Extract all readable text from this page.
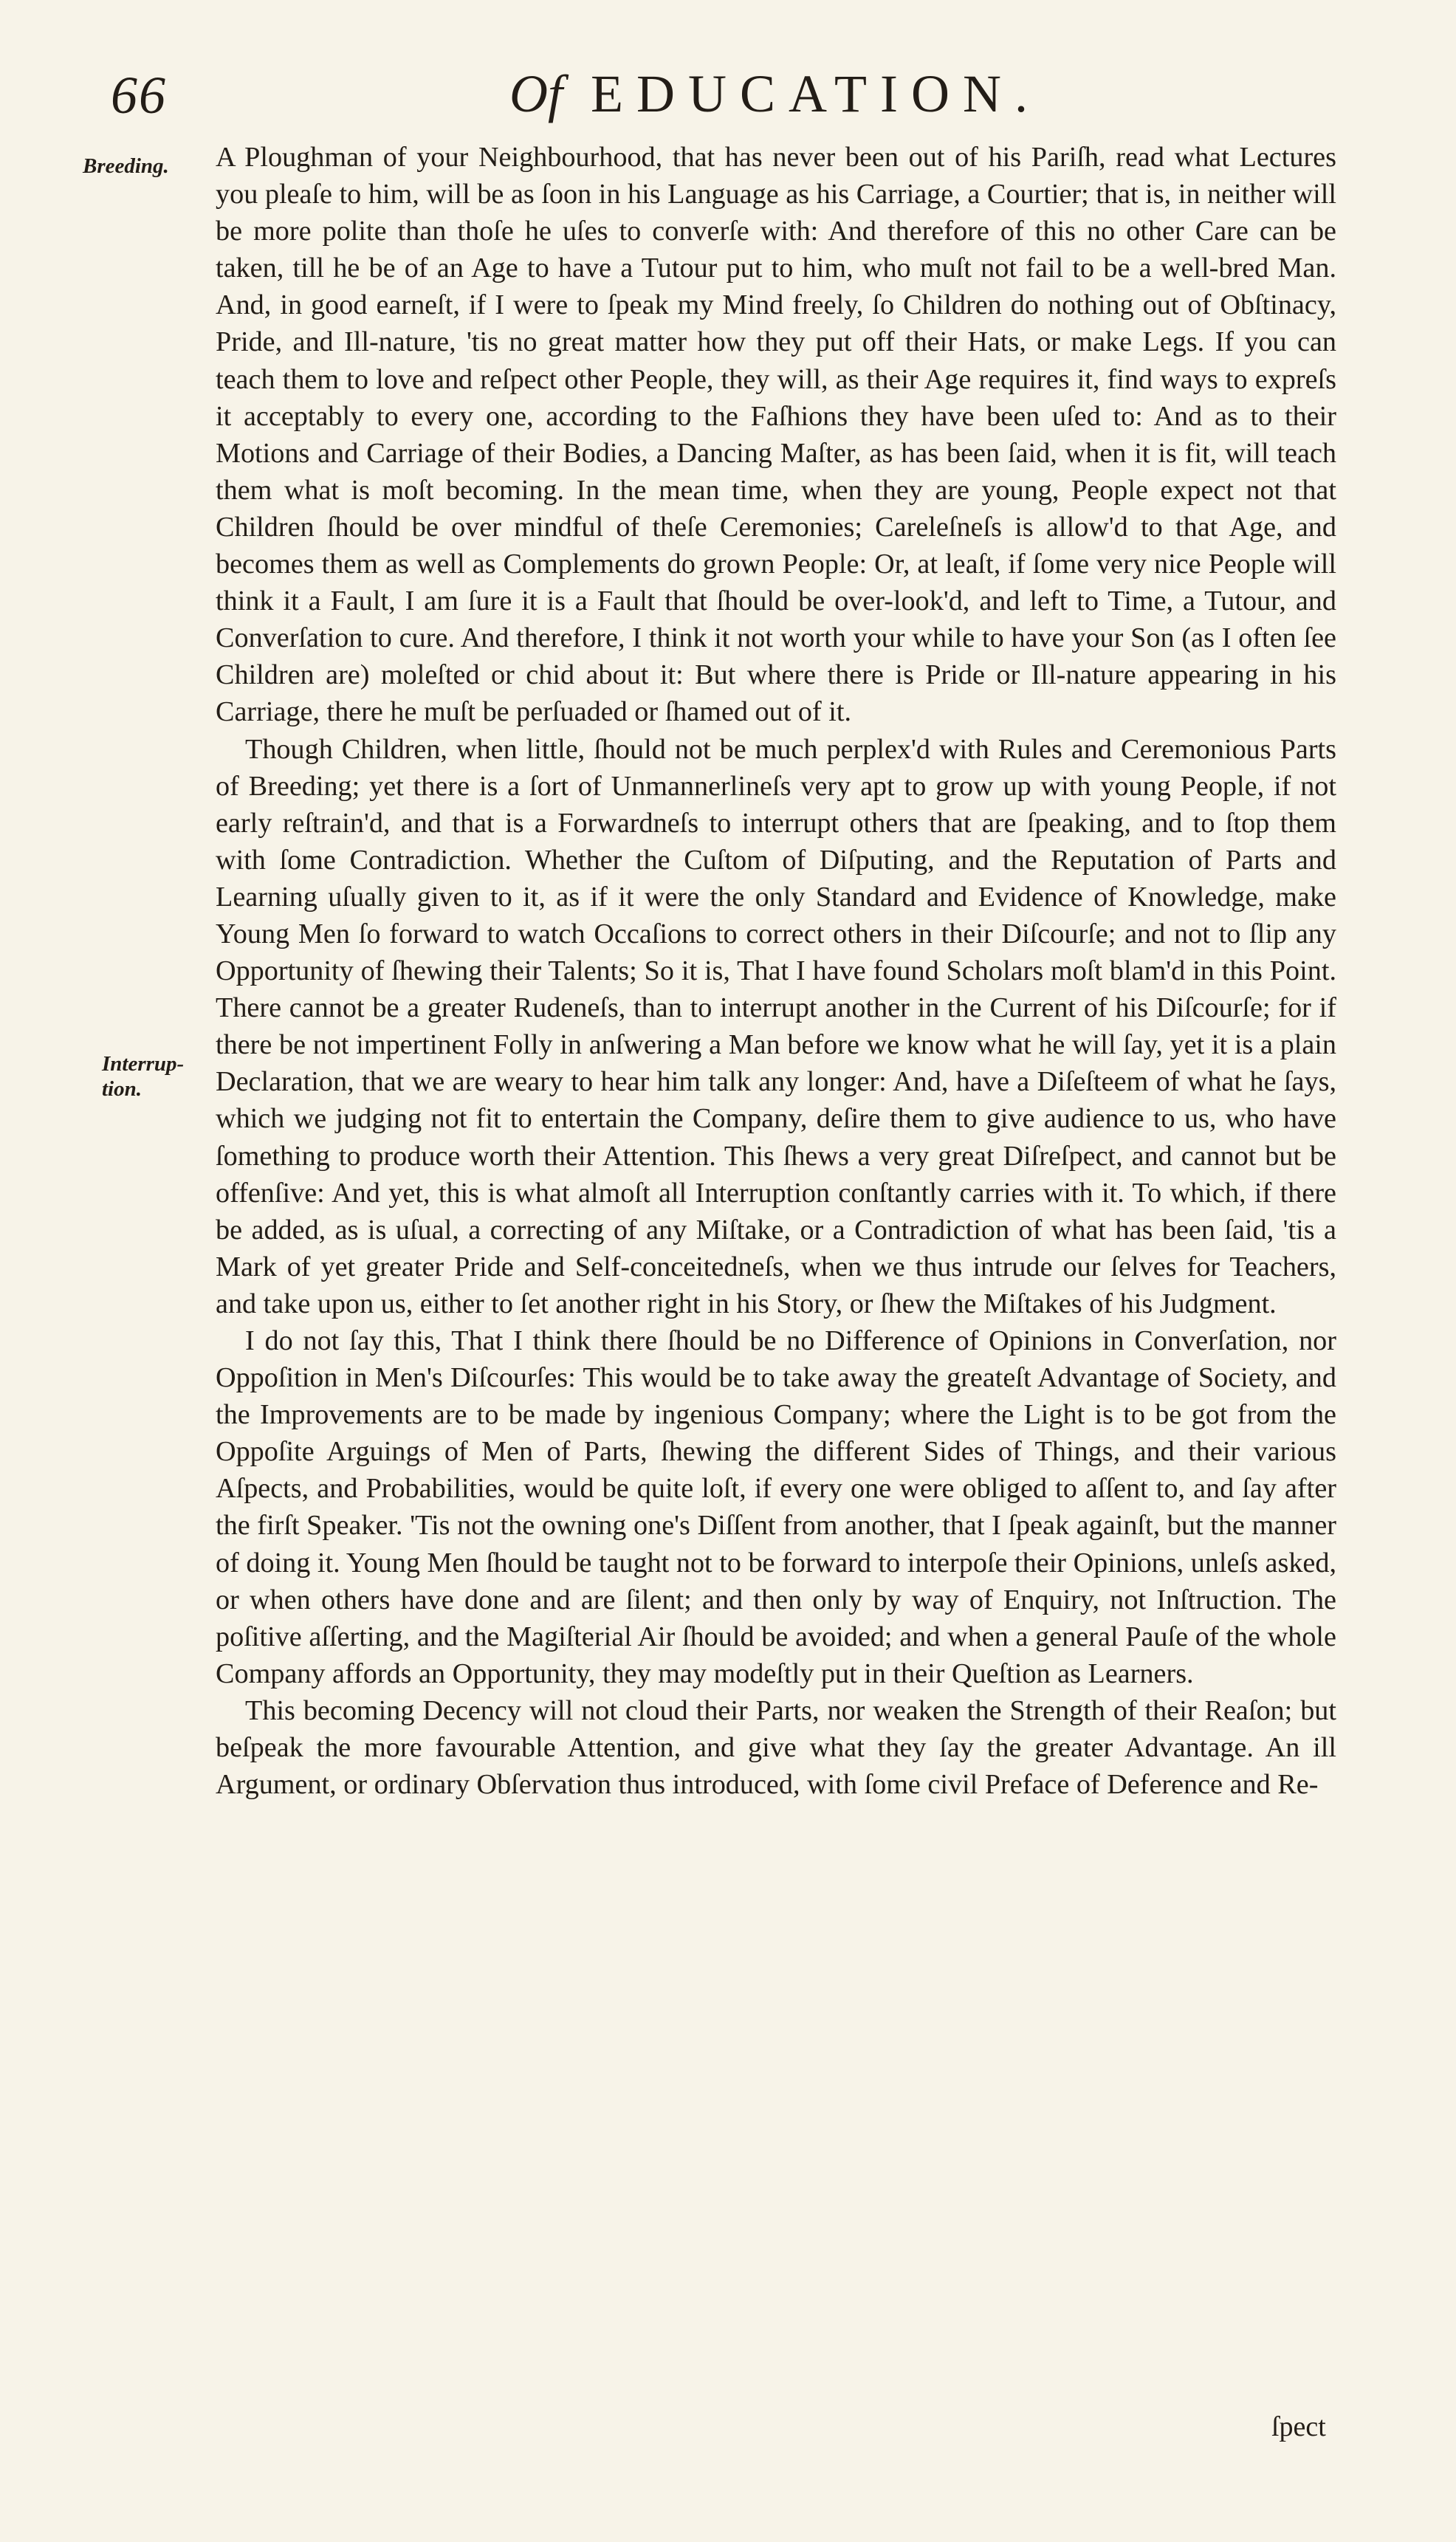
66	Of EDUCATION.
Breeding.
Interrup-tion.

A Ploughman of your Neighbourhood, that has never been out of his Pariſh, read what Lectures you pleaſe to him, will be as ſoon in his Language as his Carriage, a Courtier; that is, in neither will be more polite than thoſe he uſes to converſe with: And therefore of this no other Care can be taken, till he be of an Age to have a Tutour put to him, who muſt not fail to be a well-bred Man. And, in good earneſt, if I were to ſpeak my Mind freely, ſo Children do nothing out of Obſtinacy, Pride, and Ill-nature, 'tis no great matter how they put off their Hats, or make Legs. If you can teach them to love and reſpect other People, they will, as their Age requires it, find ways to expreſs it acceptably to every one, according to the Faſhions they have been uſed to: And as to their Motions and Carriage of their Bodies, a Dancing Maſter, as has been ſaid, when it is fit, will teach them what is moſt becoming. In the mean time, when they are young, People expect not that Children ſhould be over mindful of theſe Ceremonies; Careleſneſs is allow'd to that Age, and becomes them as well as Complements do grown People: Or, at leaſt, if ſome very nice People will think it a Fault, I am ſure it is a Fault that ſhould be over-look'd, and left to Time, a Tutour, and Converſation to cure. And therefore, I think it not worth your while to have your Son (as I often ſee Children are) moleſted or chid about it: But where there is Pride or Ill-nature appearing in his Carriage, there he muſt be perſuaded or ſhamed out of it.

Though Children, when little, ſhould not be much perplex'd with Rules and Ceremonious Parts of Breeding; yet there is a ſort of Unmannerlineſs very apt to grow up with young People, if not early reſtrain'd, and that is a Forwardneſs to interrupt others that are ſpeaking, and to ſtop them with ſome Contradiction. Whether the Cuſtom of Diſputing, and the Reputation of Parts and Learning uſually given to it, as if it were the only Standard and Evidence of Knowledge, make Young Men ſo forward to watch Occaſions to correct others in their Diſcourſe; and not to ſlip any Opportunity of ſhewing their Talents; So it is, That I have found Scholars moſt blam'd in this Point. There cannot be a greater Rudeneſs, than to interrupt another in the Current of his Diſcourſe; for if there be not impertinent Folly in anſwering a Man before we know what he will ſay, yet it is a plain Declaration, that we are weary to hear him talk any longer: And, have a Diſeſteem of what he ſays, which we judging not fit to entertain the Company, deſire them to give audience to us, who have ſomething to produce worth their Attention. This ſhews a very great Diſreſpect, and cannot but be offenſive: And yet, this is what almoſt all Interruption conſtantly carries with it. To which, if there be added, as is uſual, a correcting of any Miſtake, or a Contradiction of what has been ſaid, 'tis a Mark of yet greater Pride and Self-conceitedneſs, when we thus intrude our ſelves for Teachers, and take upon us, either to ſet another right in his Story, or ſhew the Miſtakes of his Judgment.

I do not ſay this, That I think there ſhould be no Difference of Opinions in Converſation, nor Oppoſition in Men's Diſcourſes: This would be to take away the greateſt Advantage of Society, and the Improvements are to be made by ingenious Company; where the Light is to be got from the Oppoſite Arguings of Men of Parts, ſhewing the different Sides of Things, and their various Aſpects, and Probabilities, would be quite loſt, if every one were obliged to aſſent to, and ſay after the firſt Speaker. 'Tis not the owning one's Diſſent from another, that I ſpeak againſt, but the manner of doing it. Young Men ſhould be taught not to be forward to interpoſe their Opinions, unleſs asked, or when others have done and are ſilent; and then only by way of Enquiry, not Inſtruction. The poſitive aſſerting, and the Magiſterial Air ſhould be avoided; and when a general Pauſe of the whole Company affords an Opportunity, they may modeſtly put in their Queſtion as Learners.

This becoming Decency will not cloud their Parts, nor weaken the Strength of their Reaſon; but beſpeak the more favourable Attention, and give what they ſay the greater Advantage. An ill Argument, or ordinary Obſervation thus introduced, with ſome civil Preface of Deference and Re-

ſpect
